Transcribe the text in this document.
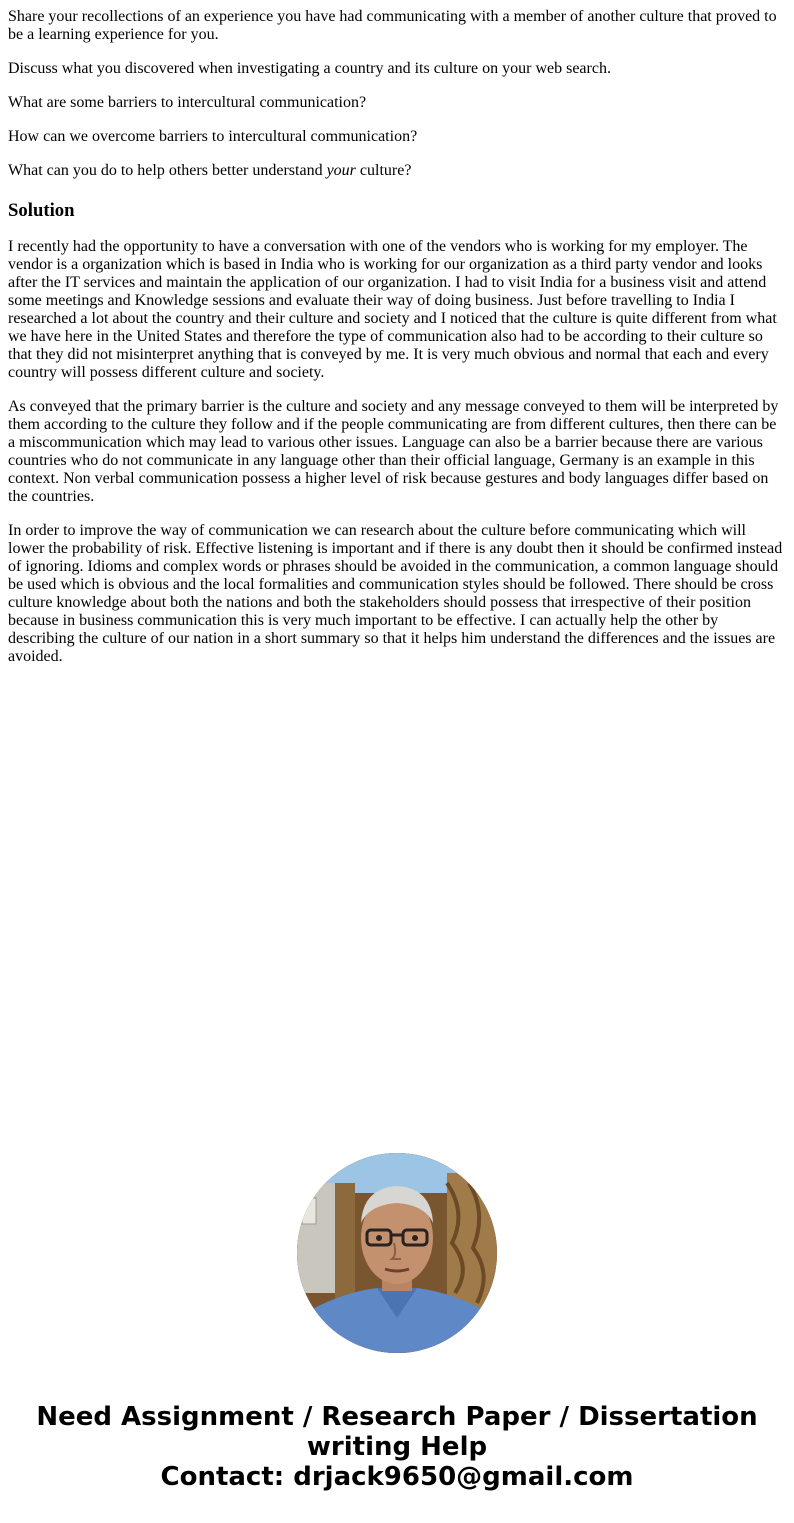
Share your recollections of an experience you have had communicating with a member of another culture that proved to be a learning experience for you.

Discuss what you discovered when investigating a country and its culture on your web search.

What are some barriers to intercultural communication?

How can we overcome barriers to intercultural communication?

What can you do to help others better understand your culture?

Solution

I recently had the opportunity to have a conversation with one of the vendors who is working for my employer. The vendor is a organization which is based in India who is working for our organization as a third party vendor and looks after the IT services and maintain the application of our organization. I had to visit India for a business visit and attend some meetings and Knowledge sessions and evaluate their way of doing business. Just before travelling to India I researched a lot about the country and their culture and society and I noticed that the culture is quite different from what we have here in the United States and therefore the type of communication also had to be according to their culture so that they did not misinterpret anything that is conveyed by me. It is very much obvious and normal that each and every country will possess different culture and society.

As conveyed that the primary barrier is the culture and society and any message conveyed to them will be interpreted by them according to the culture they follow and if the people communicating are from different cultures, then there can be a miscommunication which may lead to various other issues. Language can also be a barrier because there are various countries who do not communicate in any language other than their official language, Germany is an example in this context. Non verbal communication possess a higher level of risk because gestures and body languages differ based on the countries.

In order to improve the way of communication we can research about the culture before communicating which will lower the probability of risk. Effective listening is important and if there is any doubt then it should be confirmed instead of ignoring. Idioms and complex words or phrases should be avoided in the communication, a common language should be used which is obvious and the local formalities and communication styles should be followed. There should be cross culture knowledge about both the nations and both the stakeholders should possess that irrespective of their position because in business communication this is very much important to be effective. I can actually help the other by describing the culture of our nation in a short summary so that it helps him understand the differences and the issues are avoided.

Need Assignment / Research Paper / Dissertation
writing Help
Contact: drjack9650@gmail.com
